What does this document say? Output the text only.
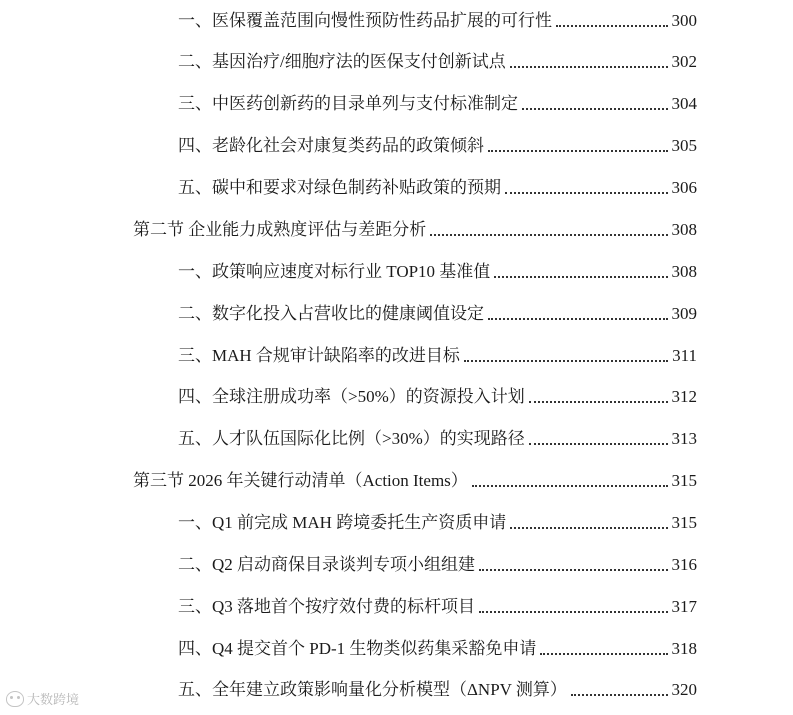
一、医保覆盖范围向慢性预防性药品扩展的可行性	300
二、基因治疗/细胞疗法的医保支付创新试点	302
三、中医药创新药的目录单列与支付标准制定	304
四、老龄化社会对康复类药品的政策倾斜	305
五、碳中和要求对绿色制药补贴政策的预期	306
第二节 企业能力成熟度评估与差距分析	308
一、政策响应速度对标行业 TOP10 基准值	308
二、数字化投入占营收比的健康阈值设定	309
三、MAH 合规审计缺陷率的改进目标	311
四、全球注册成功率（>50%）的资源投入计划	312
五、人才队伍国际化比例（>30%）的实现路径	313
第三节 2026 年关键行动清单（Action Items）	315
一、Q1 前完成 MAH 跨境委托生产资质申请	315
二、Q2 启动商保目录谈判专项小组组建	316
三、Q3 落地首个按疗效付费的标杆项目	317
四、Q4 提交首个 PD-1 生物类似药集采豁免申请	318
五、全年建立政策影响量化分析模型（ΔNPV 测算）	320
大数跨境
